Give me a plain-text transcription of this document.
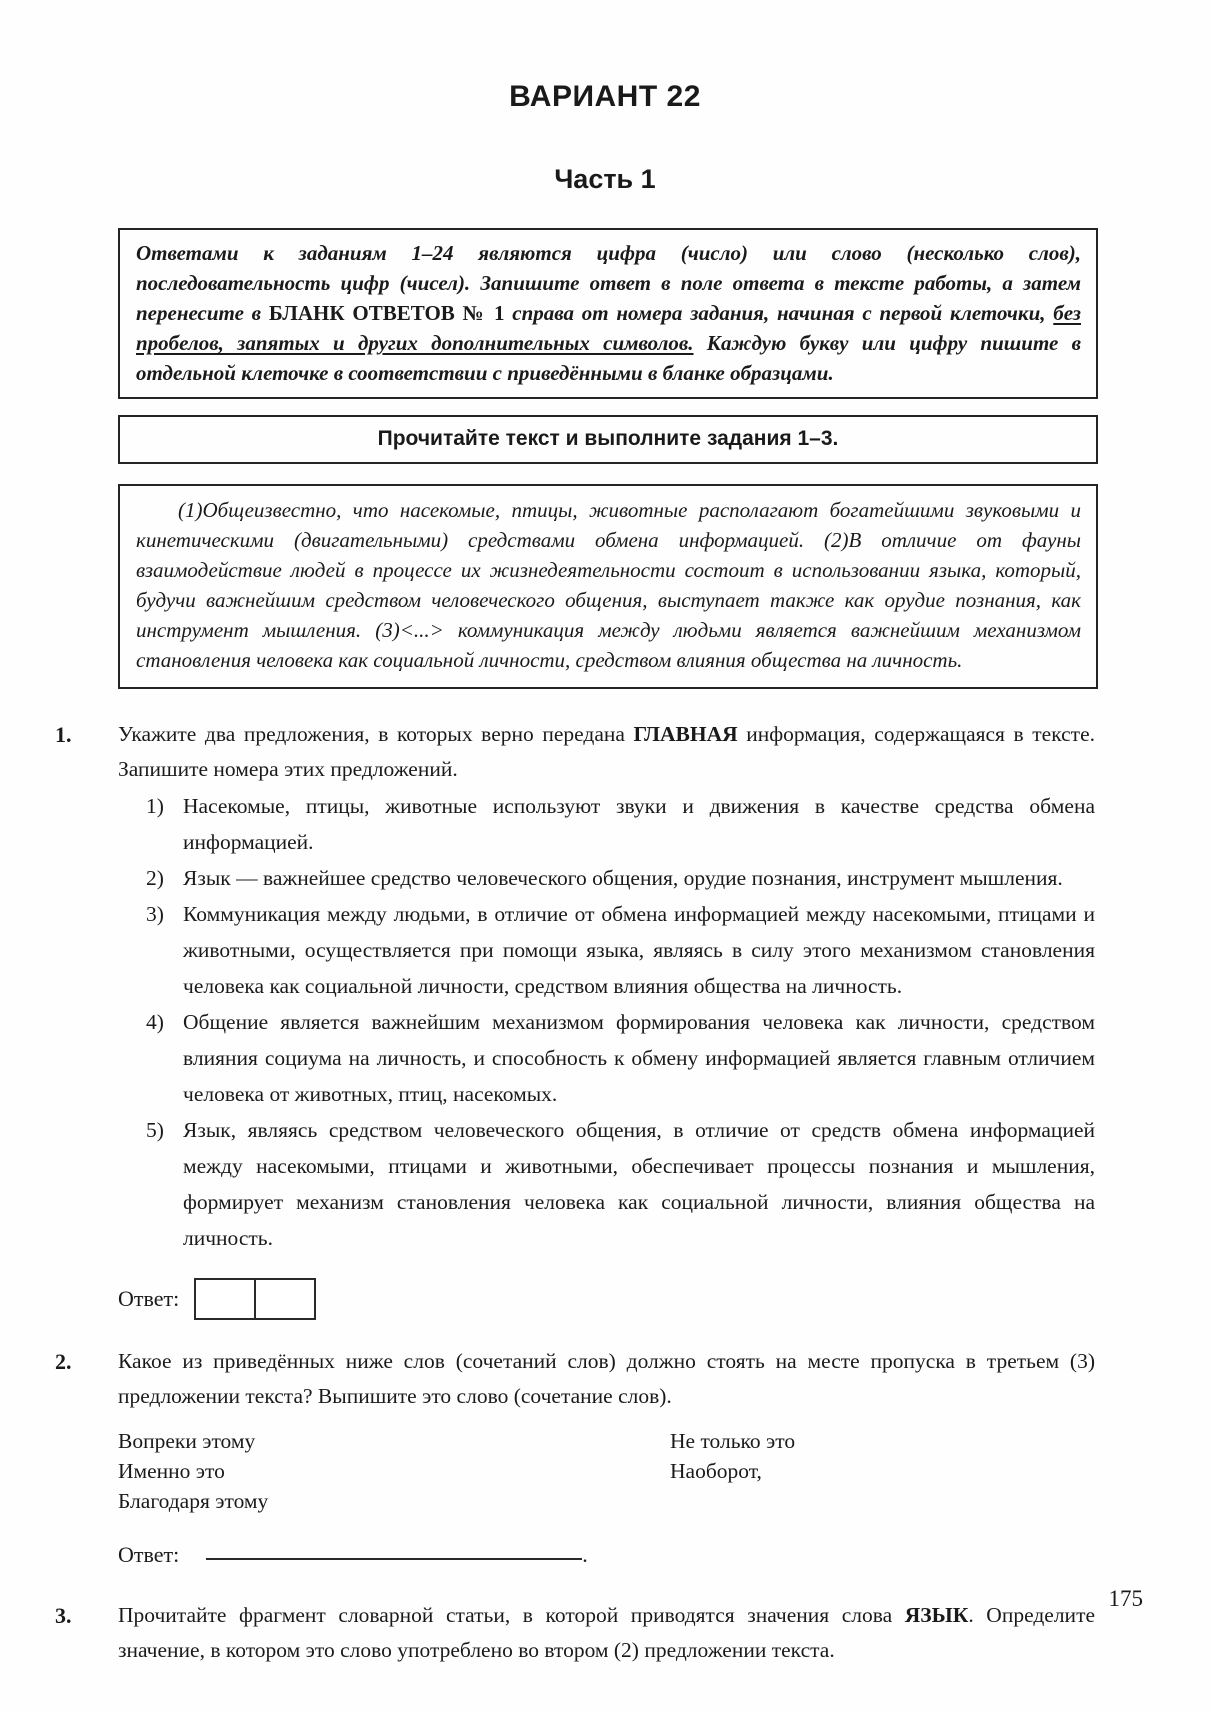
ВАРИАНТ 22
Часть 1

Ответами к заданиям 1–24 являются цифра (число) или слово (несколько слов), последовательность цифр (чисел). Запишите ответ в поле ответа в тексте работы, а затем перенесите в БЛАНК ОТВЕТОВ № 1 справа от номера задания, начиная с первой клеточки, без пробелов, запятых и других дополнительных символов. Каждую букву или цифру пишите в отдельной клеточке в соответствии с приведёнными в бланке образцами.

Прочитайте текст и выполните задания 1–3.

(1)Общеизвестно, что насекомые, птицы, животные располагают богатейшими звуковыми и кинетическими (двигательными) средствами обмена информацией. (2)В отличие от фауны взаимодействие людей в процессе их жизнедеятельности состоит в использовании языка, который, будучи важнейшим средством человеческого общения, выступает также как орудие познания, как инструмент мышления. (3)<...> коммуникация между людьми является важнейшим механизмом становления человека как социальной личности, средством влияния общества на личность.

1.	Укажите два предложения, в которых верно передана ГЛАВНАЯ информация, содержащаяся в тексте. Запишите номера этих предложений.

1) Насекомые, птицы, животные используют звуки и движения в качестве средства обмена информацией.

2) Язык — важнейшее средство человеческого общения, орудие познания, инструмент мышления.

3) Коммуникация между людьми, в отличие от обмена информацией между насекомыми, птицами и животными, осуществляется при помощи языка, являясь в силу этого механизмом становления человека как социальной личности, средством влияния общества на личность.

4) Общение является важнейшим механизмом формирования человека как личности, средством влияния социума на личность, и способность к обмену информацией является главным отличием человека от животных, птиц, насекомых.

5) Язык, являясь средством человеческого общения, в отличие от средств обмена информацией между насекомыми, птицами и животными, обеспечивает процессы познания и мышления, формирует механизм становления человека как социальной личности, влияния общества на личность.

Ответ:
2.	Какое из приведённых ниже слов (сочетаний слов) должно стоять на месте пропуска в третьем (3) предложении текста? Выпишите это слово (сочетание слов).

Вопреки этому
Именно это
Благодаря этому
Не только это
Наоборот,
Ответ:	.
3.	Прочитайте фрагмент словарной статьи, в которой приводятся значения слова ЯЗЫК. Определите значение, в котором это слово употреблено во втором (2) предложении текста.

175
